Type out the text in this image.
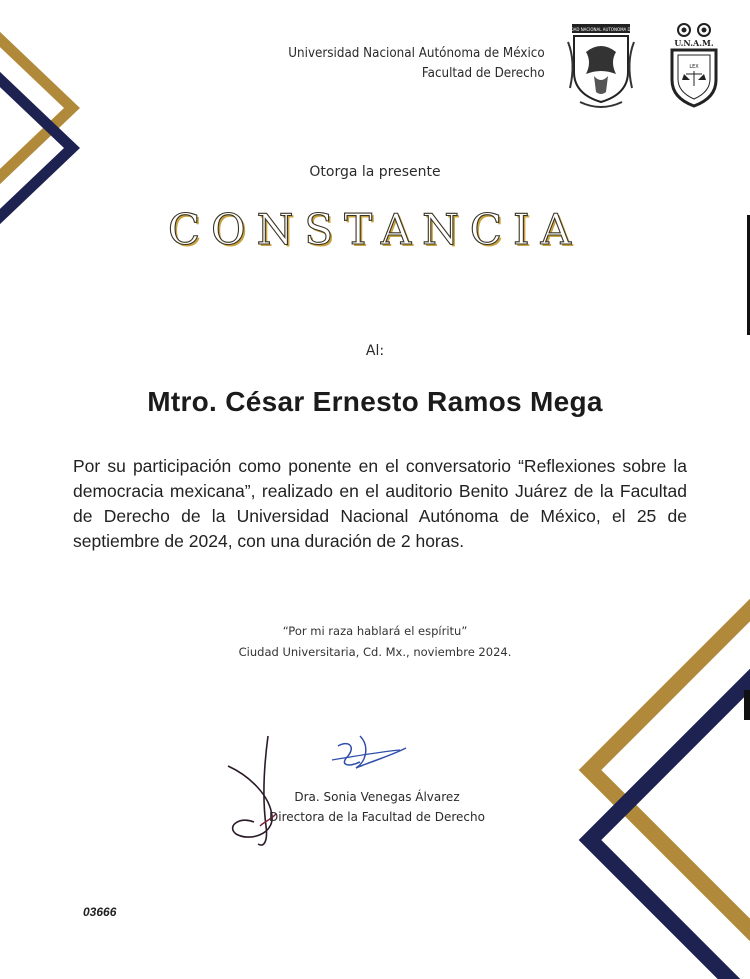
Universidad Nacional Autónoma de México
Facultad de Derecho
UNIVERSIDAD NACIONAL AUTONOMA DE MEXICO
U.N.A.M.
LEX
Otorga la presente
CONSTANCIA
Al:
Mtro. César Ernesto Ramos Mega
Por su participación como ponente en el conversatorio “Reflexiones sobre la democracia mexicana”, realizado en el auditorio Benito Juárez de la Facultad de Derecho de la Universidad Nacional Autónoma de México, el 25 de septiembre de 2024, con una duración de 2 horas.
“Por mi raza hablará el espíritu”
Ciudad Universitaria, Cd. Mx., noviembre 2024.
Dra. Sonia Venegas Álvarez
Directora de la Facultad de Derecho
03666
